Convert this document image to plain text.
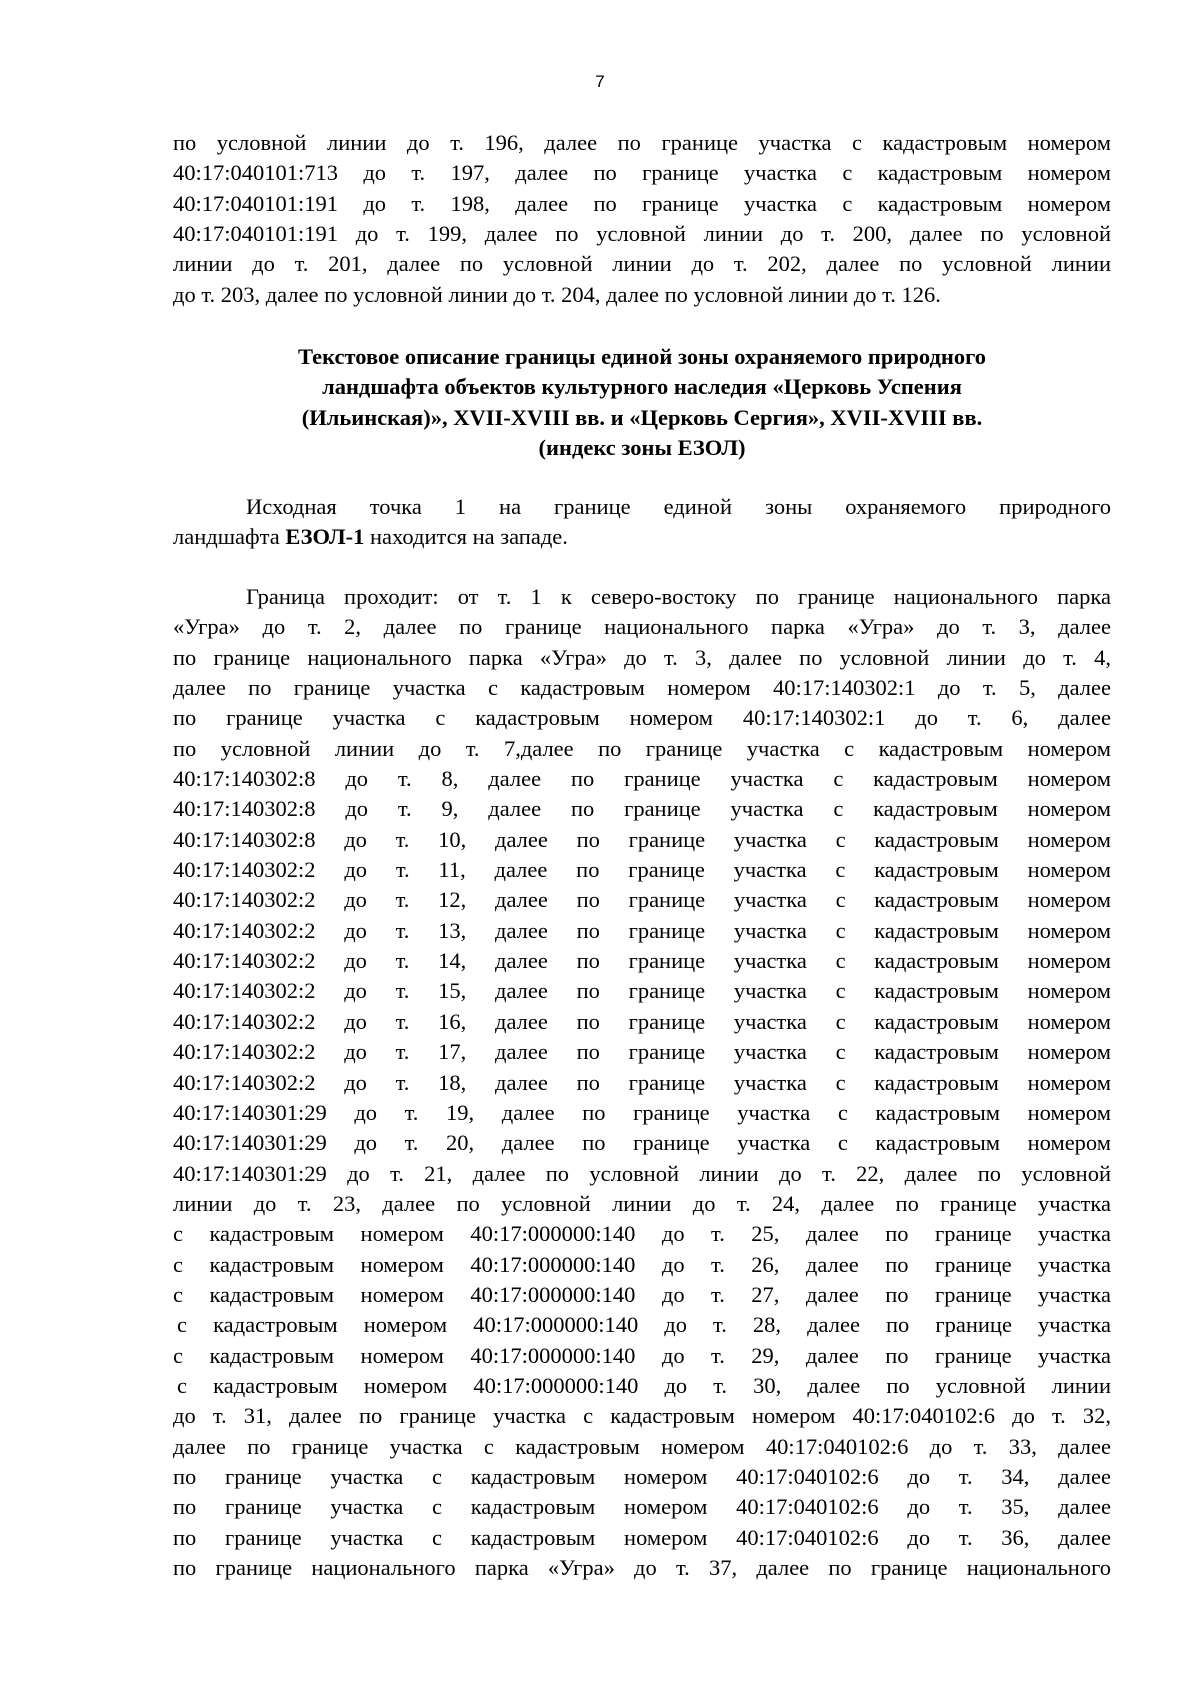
7
по условной линии до т. 196, далее по границе участка с кадастровым номером
40:17:040101:713 до т. 197, далее по границе участка с кадастровым номером
40:17:040101:191 до т. 198, далее по границе участка с кадастровым номером
40:17:040101:191 до т. 199, далее по условной линии до т. 200, далее по условной
линии до т. 201, далее по условной линии до т. 202, далее по условной линии
до т. 203, далее по условной линии до т. 204, далее по условной линии до т. 126.
Текстовое описание границы единой зоны охраняемого природного
ландшафта объектов культурного наследия «Церковь Успения
(Ильинская)», XVII-XVIII вв. и «Церковь Сергия», XVII-XVIII вв.
(индекс зоны ЕЗОЛ)
Исходная точка 1 на границе единой зоны охраняемого природного
ландшафта ЕЗОЛ-1 находится на западе.
Граница проходит: от т. 1 к северо-востоку по границе национального парка
«Угра» до т. 2, далее по границе национального парка «Угра» до т. 3, далее
по границе национального парка «Угра» до т. 3, далее по условной линии до т. 4,
далее по границе участка с кадастровым номером 40:17:140302:1 до т. 5, далее
по границе участка с кадастровым номером 40:17:140302:1 до т. 6, далее
по условной линии до т. 7,далее по границе участка с кадастровым номером
40:17:140302:8 до т. 8, далее по границе участка с кадастровым номером
40:17:140302:8 до т. 9, далее по границе участка с кадастровым номером
40:17:140302:8 до т. 10, далее по границе участка с кадастровым номером
40:17:140302:2 до т. 11, далее по границе участка с кадастровым номером
40:17:140302:2 до т. 12, далее по границе участка с кадастровым номером
40:17:140302:2 до т. 13, далее по границе участка с кадастровым номером
40:17:140302:2 до т. 14, далее по границе участка с кадастровым номером
40:17:140302:2 до т. 15, далее по границе участка с кадастровым номером
40:17:140302:2 до т. 16, далее по границе участка с кадастровым номером
40:17:140302:2 до т. 17, далее по границе участка с кадастровым номером
40:17:140302:2 до т. 18, далее по границе участка с кадастровым номером
40:17:140301:29 до т. 19, далее по границе участка с кадастровым номером
40:17:140301:29 до т. 20, далее по границе участка с кадастровым номером
40:17:140301:29 до т. 21, далее по условной линии до т. 22, далее по условной
линии до т. 23, далее по условной линии до т. 24, далее по границе участка
с кадастровым номером 40:17:000000:140 до т. 25, далее по границе участка
с кадастровым номером 40:17:000000:140 до т. 26, далее по границе участка
с кадастровым номером 40:17:000000:140 до т. 27, далее по границе участка
с кадастровым номером 40:17:000000:140 до т. 28, далее по границе участка
с кадастровым номером 40:17:000000:140 до т. 29, далее по границе участка
с кадастровым номером 40:17:000000:140 до т. 30, далее по условной линии
до т. 31, далее по границе участка с кадастровым номером 40:17:040102:6 до т. 32,
далее по границе участка с кадастровым номером 40:17:040102:6 до т. 33, далее
по границе участка с кадастровым номером 40:17:040102:6 до т. 34, далее
по границе участка с кадастровым номером 40:17:040102:6 до т. 35, далее
по границе участка с кадастровым номером 40:17:040102:6 до т. 36, далее
по границе национального парка «Угра» до т. 37, далее по границе национального
